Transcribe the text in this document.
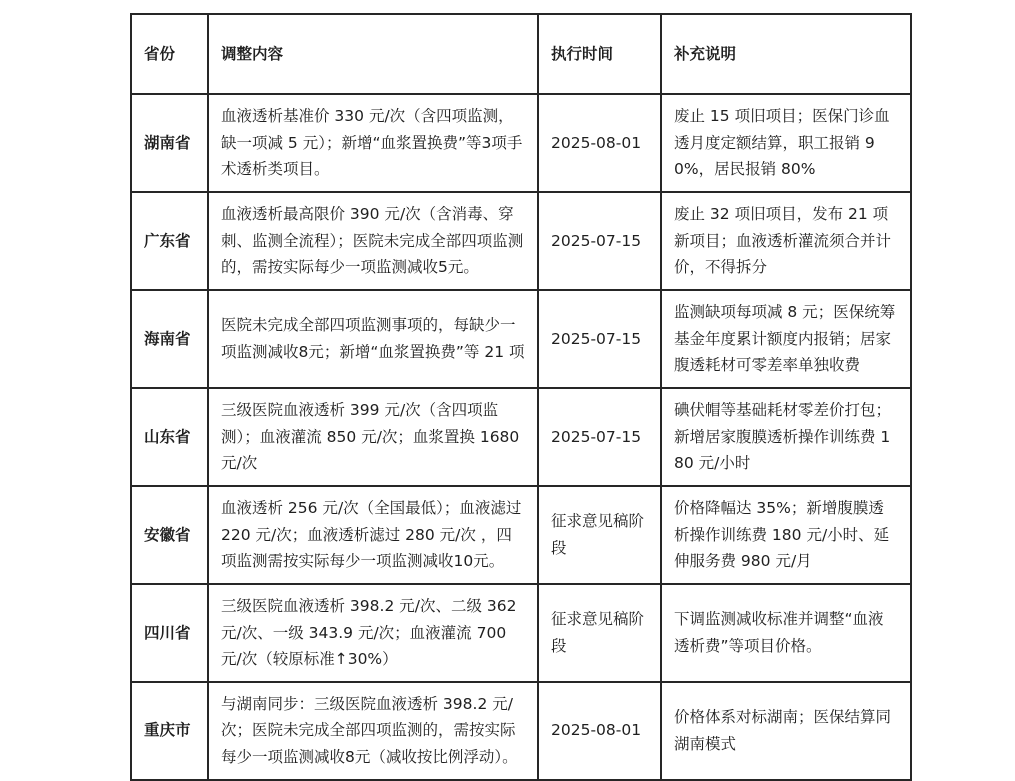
省份	调整内容	执行时间	补充说明
湖南省	血液透析基准价 330 元/次（含四项监测，缺一项减 5 元）；新增“血浆置换费”等3项手术透析类项目。	2025-08-01	废止 15 项旧项目；医保门诊血透月度定额结算，职工报销 90%，居民报销 80%
广东省	血液透析最高限价 390 元/次（含消毒、穿刺、监测全流程）；医院未完成全部四项监测的，需按实际每少一项监测减收5元。	2025-07-15	废止 32 项旧项目，发布 21 项新项目；血液透析灌流须合并计价，不得拆分
海南省	医院未完成全部四项监测事项的，每缺少一项监测减收8元；新增“血浆置换费”等 21 项	2025-07-15	监测缺项每项减 8 元；医保统筹基金年度累计额度内报销；居家腹透耗材可零差率单独收费
山东省	三级医院血液透析 399 元/次（含四项监测）；血液灌流 850 元/次；血浆置换 1680 元/次	2025-07-15	碘伏帽等基础耗材零差价打包；新增居家腹膜透析操作训练费 180 元/小时
安徽省	血液透析 256 元/次（全国最低）；血液滤过 220 元/次；血液透析滤过 280 元/次 ，四项监测需按实际每少一项监测减收10元。	征求意见稿阶段	价格降幅达 35%；新增腹膜透析操作训练费 180 元/小时、延伸服务费 980 元/月
四川省	三级医院血液透析 398.2 元/次、二级 362 元/次、一级 343.9 元/次；血液灌流 700 元/次（较原标准↑30%）	征求意见稿阶段	下调监测减收标准并调整“血液透析费”等项目价格。
重庆市	与湖南同步：三级医院血液透析 398.2 元/次；医院未完成全部四项监测的，需按实际每少一项监测减收8元（减收按比例浮动）。	2025-08-01	价格体系对标湖南；医保结算同湖南模式
